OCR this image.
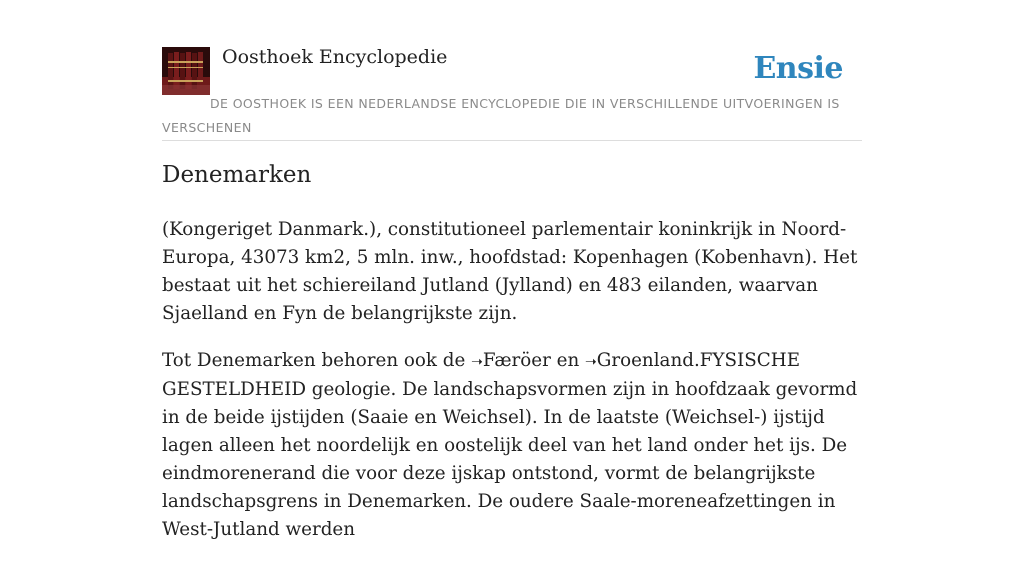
Oosthoek Encyclopedie	Ensie
DE OOSTHOEK IS EEN NEDERLANDSE ENCYCLOPEDIE DIE IN VERSCHILLENDE UITVOERINGEN IS VERSCHENEN
Denemarken

(Kongeriget Danmark.), constitutioneel parlementair koninkrijk in Noord-Europa, 43073 km2, 5 mln. inw., hoofdstad: Kopenhagen (Kobenhavn). Het bestaat uit het schiereiland Jutland (Jylland) en 483 eilanden, waarvan Sjaelland en Fyn de belangrijkste zijn.

Tot Denemarken behoren ook de ➝Færöer en ➝Groenland.FYSISCHE GESTELDHEID geologie. De landschapsvormen zijn in hoofdzaak gevormd in de beide ijstijden (Saaie en Weichsel). In de laatste (Weichsel-) ijstijd lagen alleen het noordelijk en oostelijk deel van het land onder het ijs. De eindmorenerand die voor deze ijskap ontstond, vormt de belangrijkste landschapsgrens in Denemarken. De oudere Saale-moreneafzettingen in West-Jutland werden
